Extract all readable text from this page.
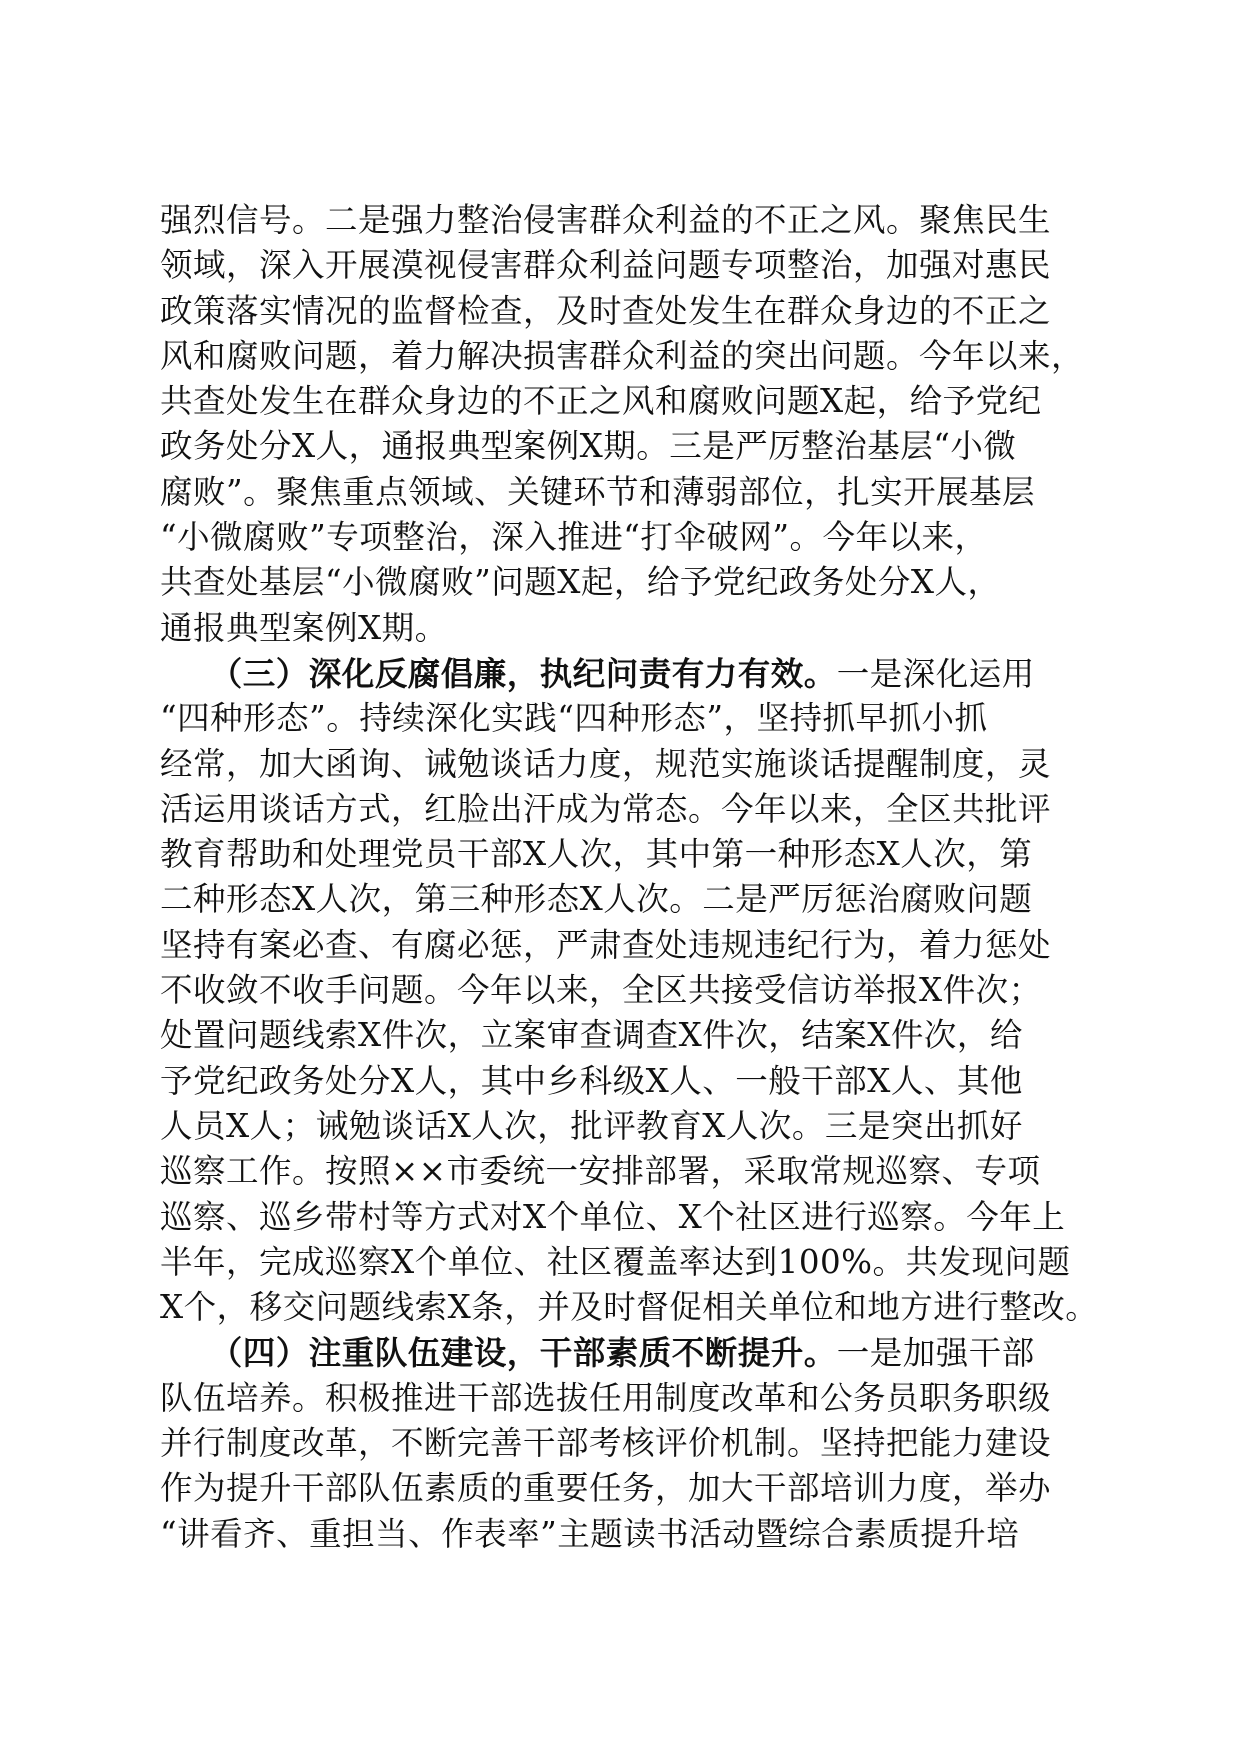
强烈信号。二是强力整治侵害群众利益的不正之风。聚焦民生
领域，深入开展漠视侵害群众利益问题专项整治，加强对惠民
政策落实情况的监督检查，及时查处发生在群众身边的不正之
风和腐败问题，着力解决损害群众利益的突出问题。今年以来，
共查处发生在群众身边的不正之风和腐败问题X起，给予党纪
政务处分X人，通报典型案例X期。三是严厉整治基层“小微
腐败”。聚焦重点领域、关键环节和薄弱部位，扎实开展基层
“小微腐败”专项整治，深入推进“打伞破网”。今年以来，
共查处基层“小微腐败”问题X起，给予党纪政务处分X人，
通报典型案例X期。
　　（三）深化反腐倡廉，执纪问责有力有效。一是深化运用
“四种形态”。持续深化实践“四种形态”，坚持抓早抓小抓
经常，加大函询、诫勉谈话力度，规范实施谈话提醒制度，灵
活运用谈话方式，红脸出汗成为常态。今年以来，全区共批评
教育帮助和处理党员干部X人次，其中第一种形态X人次，第
二种形态X人次，第三种形态X人次。二是严厉惩治腐败问题
坚持有案必查、有腐必惩，严肃查处违规违纪行为，着力惩处
不收敛不收手问题。今年以来，全区共接受信访举报X件次；
处置问题线索X件次，立案审查调查X件次，结案X件次，给
予党纪政务处分X人，其中乡科级X人、一般干部X人、其他
人员X人；诫勉谈话X人次，批评教育X人次。三是突出抓好
巡察工作。按照××市委统一安排部署，采取常规巡察、专项
巡察、巡乡带村等方式对X个单位、X个社区进行巡察。今年上
半年，完成巡察X个单位、社区覆盖率达到100%。共发现问题
X个，移交问题线索X条，并及时督促相关单位和地方进行整改。
　　（四）注重队伍建设，干部素质不断提升。一是加强干部
队伍培养。积极推进干部选拔任用制度改革和公务员职务职级
并行制度改革，不断完善干部考核评价机制。坚持把能力建设
作为提升干部队伍素质的重要任务，加大干部培训力度，举办
“讲看齐、重担当、作表率”主题读书活动暨综合素质提升培
